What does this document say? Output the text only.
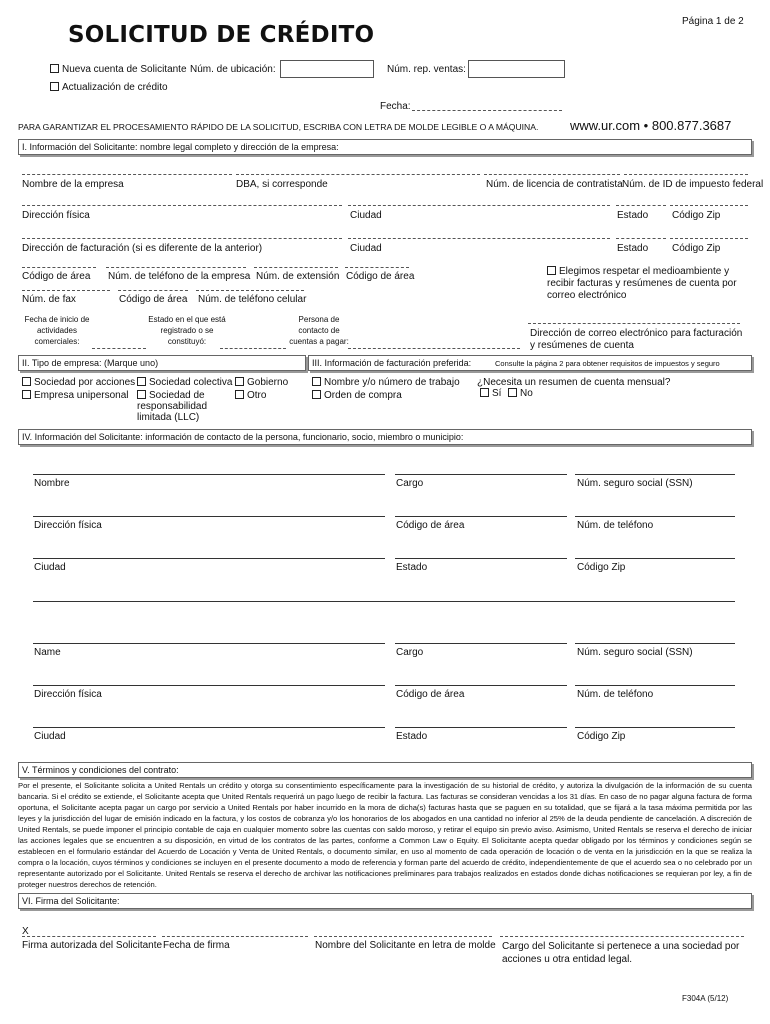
SOLICITUD DE CRÉDITO
Página 1 de 2
Nueva cuenta de Solicitante Núm. de ubicación:	Núm. rep. ventas:
Actualización de crédito
Fecha:
PARA GARANTIZAR EL PROCESAMIENTO RÁPIDO DE LA SOLICITUD, ESCRIBA CON LETRA DE MOLDE LEGIBLE O A MÁQUINA. www.ur.com • 800.877.3687
I. Información del Solicitante: nombre legal completo y dirección de la empresa:
Nombre de la empresa	DBA, si corresponde	Núm. de licencia de contratista Núm. de ID de impuesto federal
Dirección física	Ciudad	Estado Código Zip
Dirección de facturación (si es diferente de la anterior)	Ciudad	Estado Código Zip
Código de área Núm. de teléfono de la empresa Núm. de extensión Código de área
Núm. de fax	Código de área Núm. de teléfono celular
Elegimos respetar el medioambiente y recibir facturas y resúmenes de cuenta por correo electrónico
Fecha de inicio de actividades comerciales:
Estado en el que está registrado o se constituyó:
Persona de contacto de cuentas a pagar:
Dirección de correo electrónico para facturación y resúmenes de cuenta
II. Tipo de empresa: (Marque uno)	III. Información de facturación preferida:	Consulte la página 2 para obtener requisitos de impuestos y seguro
Sociedad por acciones
Empresa unipersonal
Sociedad colectiva
Sociedad de responsabilidad limitada (LLC)
Gobierno
Otro
Nombre y/o número de trabajo
Orden de compra
¿Necesita un resumen de cuenta mensual?
Sí	No
IV. Información del Solicitante: información de contacto de la persona, funcionario, socio, miembro o municipio:
Nombre	Cargo	Núm. seguro social (SSN)
Dirección física	Código de área	Núm. de teléfono
Ciudad	Estado	Código Zip
Name	Cargo	Núm. seguro social (SSN)
Dirección física	Código de área	Núm. de teléfono
Ciudad	Estado	Código Zip
V. Términos y condiciones del contrato:
Por el presente, el Solicitante solicita a United Rentals un crédito y otorga su consentimiento específicamente para la investigación de su historial de crédito, y autoriza la divulgación de la información de su cuenta bancaria. Si el crédito se extiende, el Solicitante acepta que United Rentals requerirá un pago luego de recibir la factura. Las facturas se consideran vencidas a los 31 días. En caso de no pagar alguna factura de forma oportuna, el Solicitante acepta pagar un cargo por servicio a United Rentals por haber incurrido en la mora de dicha(s) facturas hasta que se paguen en su totalidad, que se fijará a la tasa máxima permitida por las leyes y la jurisdicción del lugar de emisión indicado en la factura, y los costos de cobranza y/o los honorarios de los abogados en una cantidad no inferior al 25% de la deuda pendiente de cancelación. A discreción de United Rentals, se puede imponer el principio contable de caja en cualquier momento sobre las cuentas con saldo moroso, y retirar el equipo sin previo aviso. Asimismo, United Rentals se reserva el derecho de iniciar las acciones legales que se encuentren a su disposición, en virtud de los contratos de las partes, conforme a Common Law o Equity. El Solicitante acepta quedar obligado por los términos y condiciones según se establecen en el formulario estándar del Acuerdo de Locación y Venta de United Rentals, o documento similar, en uso al momento de cada operación de locación o de venta en la jurisdicción en la que se realiza la compra o la locación, cuyos términos y condiciones se incluyen en el presente documento a modo de referencia y forman parte del acuerdo de crédito, independientemente de que el acuerdo sea o no celebrado por un representante autorizado por el Solicitante. United Rentals se reserva el derecho de archivar las notificaciones preliminares para trabajos realizados en estados donde dichas notificaciones se requieran por ley, a fin de proteger nuestros derechos de retención.
VI. Firma del Solicitante:
X
Firma autorizada del Solicitante Fecha de firma	Nombre del Solicitante en letra de molde Cargo del Solicitante si pertenece a una sociedad por acciones u otra entidad legal.
F304A (5/12)
